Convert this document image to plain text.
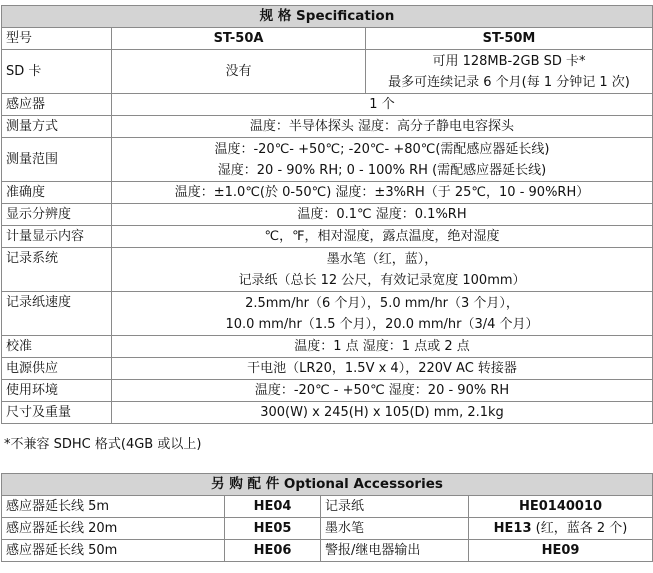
规 格 Specification		
型号	ST-50A	ST-50M
SD 卡	没有	可用 128MB-2GB SD 卡*
最多可连续记录 6 个月(每 1 分钟记 1 次)

感应器	1 个	
测量方式	温度：半导体探头 湿度：高分子静电电容探头	
测量范围	温度：-20℃- +50℃; -20℃- +80℃(需配感应器延长线)
湿度：20 - 90% RH; 0 - 100% RH (需配感应器延长线)	

准确度	温度：±1.0℃(於 0-50℃) 湿度：±3%RH（于 25℃，10 - 90%RH）	
显示分辨度	温度：0.1℃ 湿度：0.1%RH	
计量显示内容	℃，℉，相对湿度，露点温度，绝对湿度	
记录系统	墨水笔（红，蓝），
记录纸（总长 12 公尺，有效记录宽度 100mm）	

记录纸速度	2.5mm/hr（6 个月），5.0 mm/hr（3 个月），
10.0 mm/hr（1.5 个月），20.0 mm/hr（3/4 个月）	

校准	温度：1 点 湿度：1 点或 2 点	
电源供应	干电池（LR20，1.5V x 4），220V AC 转接器	
使用环境	温度：-20℃ - +50℃ 湿度：20 - 90% RH	
尺寸及重量	300(W) x 245(H) x 105(D) mm, 2.1kg	
*不兼容 SDHC 格式(4GB 或以上)
另 购 配 件 Optional Accessories			
感应器延长线 5m	HE04	记录纸	HE0140010
感应器延长线 20m	HE05	墨水笔	HE13 (红，蓝各 2 个)
感应器延长线 50m	HE06	警报/继电器输出	HE09
